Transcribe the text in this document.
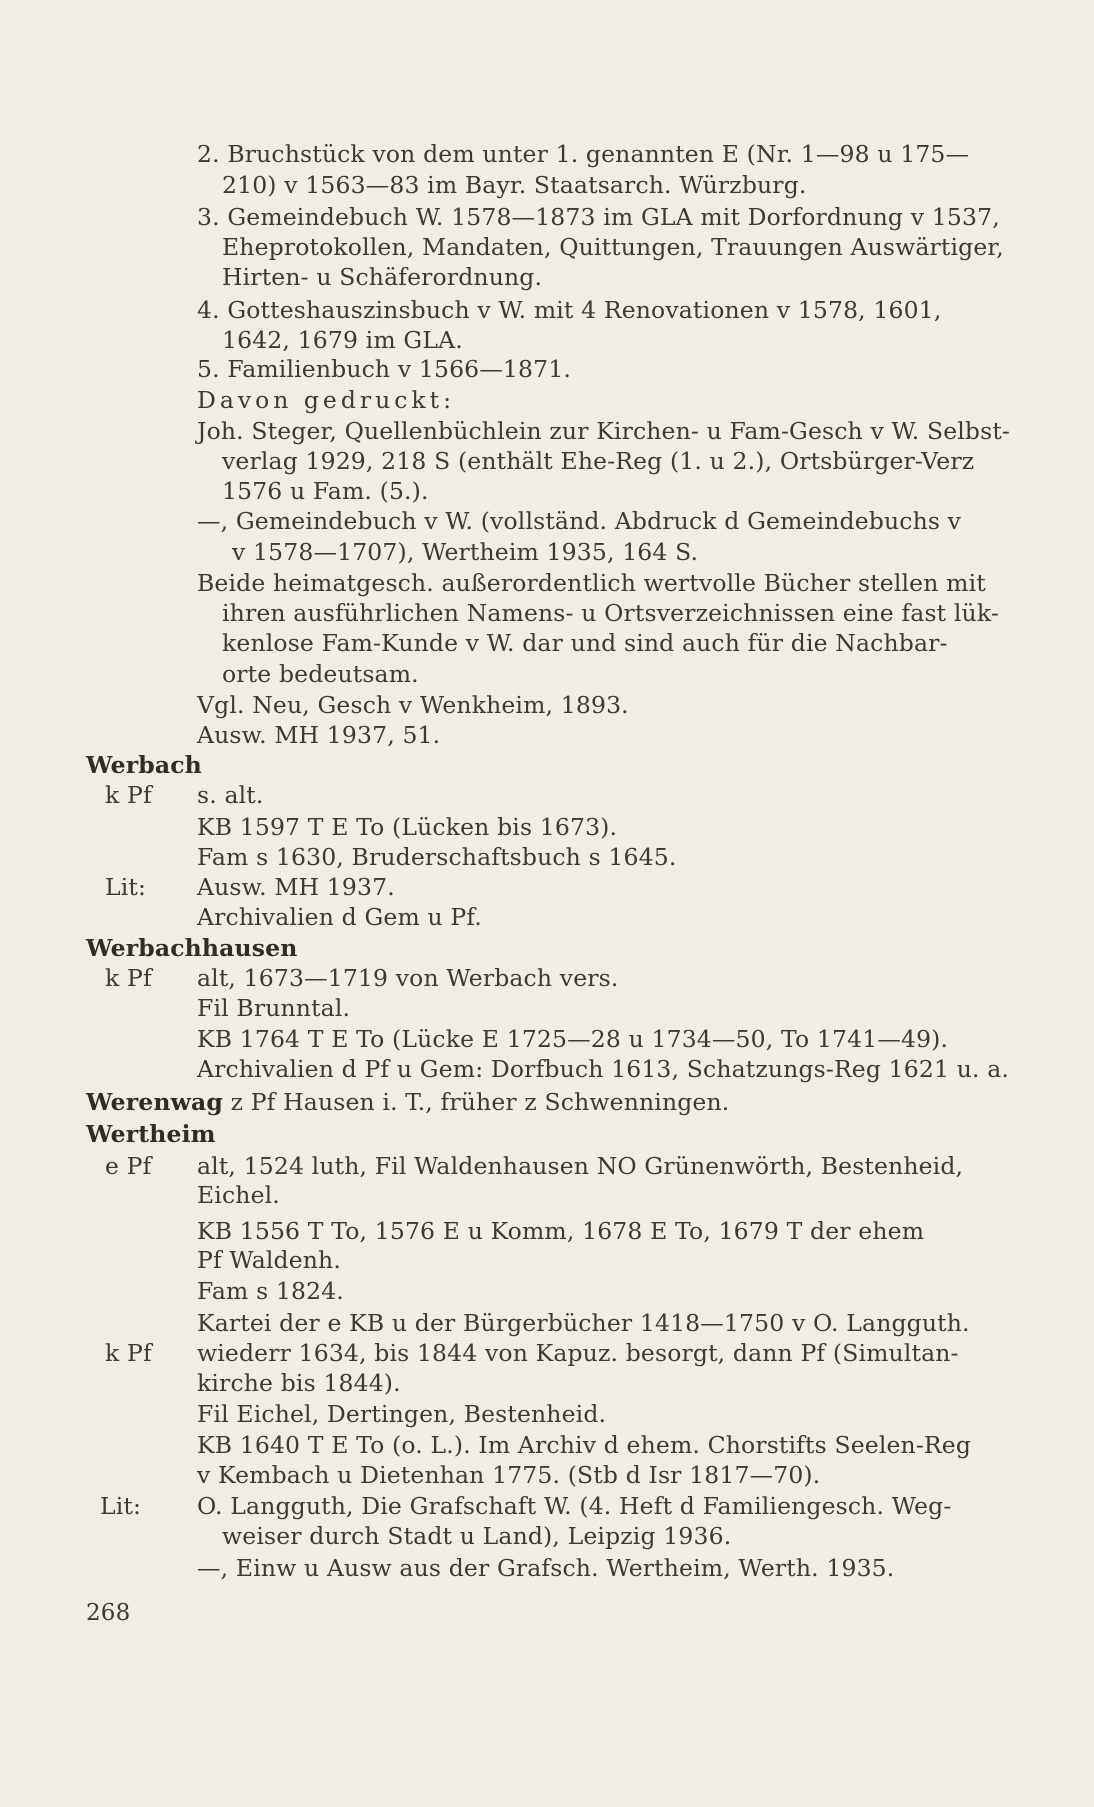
2. Bruchstück von dem unter 1. genannten E (Nr. 1—98 u 175—
210) v 1563—83 im Bayr. Staatsarch. Würzburg.
3. Gemeindebuch W. 1578—1873 im GLA mit Dorfordnung v 1537,
Eheprotokollen, Mandaten, Quittungen, Trauungen Auswärtiger,
Hirten- u Schäferordnung.
4. Gotteshauszinsbuch v W. mit 4 Renovationen v 1578, 1601,
1642, 1679 im GLA.
5. Familienbuch v 1566—1871.
Davon gedruckt:
Joh. Steger, Quellenbüchlein zur Kirchen- u Fam-Gesch v W. Selbst-
verlag 1929, 218 S (enthält Ehe-Reg (1. u 2.), Ortsbürger-Verz
1576 u Fam. (5.).
—, Gemeindebuch v W. (vollständ. Abdruck d Gemeindebuchs v
v 1578—1707), Wertheim 1935, 164 S.
Beide heimatgesch. außerordentlich wertvolle Bücher stellen mit
ihren ausführlichen Namens- u Ortsverzeichnissen eine fast lük-
kenlose Fam-Kunde v W. dar und sind auch für die Nachbar-
orte bedeutsam.
Vgl. Neu, Gesch v Wenkheim, 1893.
Ausw. MH 1937, 51.
Werbach
k Pf s. alt.
KB 1597 T E To (Lücken bis 1673).
Fam s 1630, Bruderschaftsbuch s 1645.
Lit: Ausw. MH 1937.
Archivalien d Gem u Pf.
Werbachhausen
k Pf alt, 1673—1719 von Werbach vers.
Fil Brunntal.
KB 1764 T E To (Lücke E 1725—28 u 1734—50, To 1741—49).
Archivalien d Pf u Gem: Dorfbuch 1613, Schatzungs-Reg 1621 u. a.
Werenwag z Pf Hausen i. T., früher z Schwenningen.
Wertheim
e Pf alt, 1524 luth, Fil Waldenhausen NO Grünenwörth, Bestenheid,
Eichel.
KB 1556 T To, 1576 E u Komm, 1678 E To, 1679 T der ehem
Pf Waldenh.
Fam s 1824.
Kartei der e KB u der Bürgerbücher 1418—1750 v O. Langguth.
k Pf wiederr 1634, bis 1844 von Kapuz. besorgt, dann Pf (Simultan-
kirche bis 1844).
Fil Eichel, Dertingen, Bestenheid.
KB 1640 T E To (o. L.). Im Archiv d ehem. Chorstifts Seelen-Reg
v Kembach u Dietenhan 1775. (Stb d Isr 1817—70).
Lit: O. Langguth, Die Grafschaft W. (4. Heft d Familiengesch. Weg-
weiser durch Stadt u Land), Leipzig 1936.
—, Einw u Ausw aus der Grafsch. Wertheim, Werth. 1935.
268
